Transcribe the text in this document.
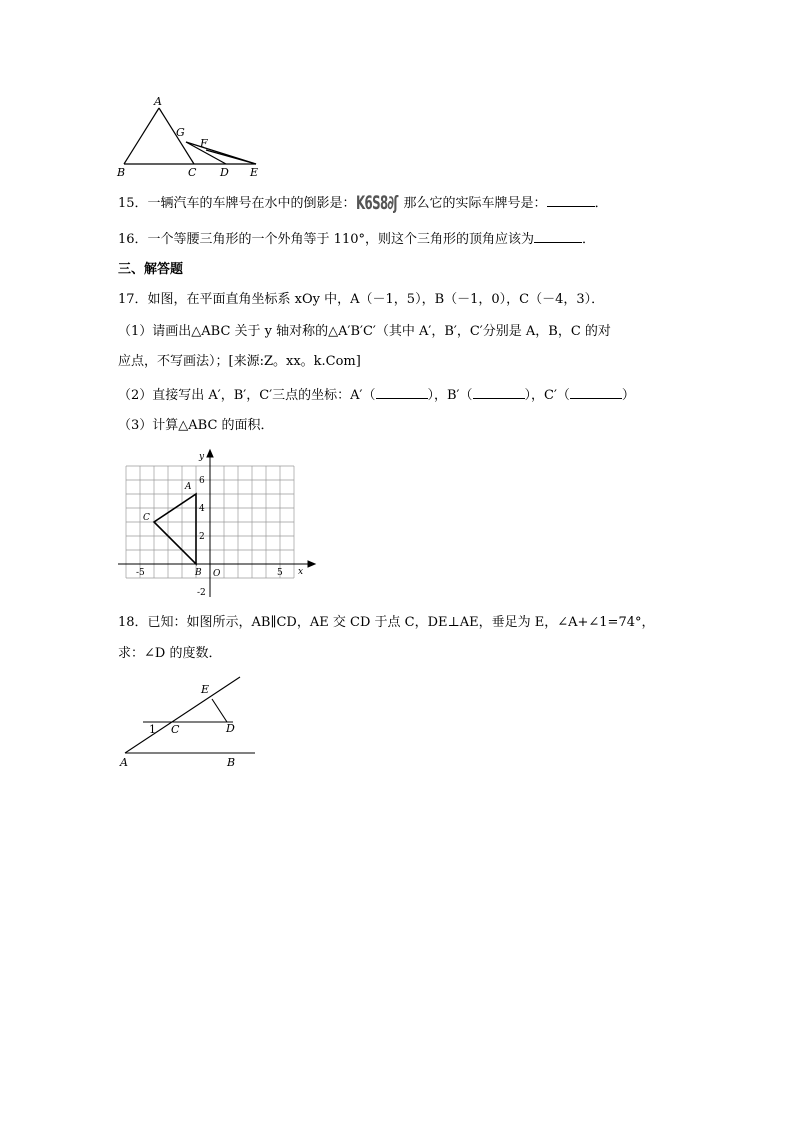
A
G
F
B	C D E
15．一辆汽车的车牌号在水中的倒影是：K6S8∂ʃ 那么它的实际车牌号是：	．
16．一个等腰三角形的一个外角等于 110°，则这个三角形的顶角应该为	．
三、解答题
17．如图，在平面直角坐标系 xOy 中，A（－1，5），B（－1，0），C（－4，3）．
（1）请画出△ABC 关于 y 轴对称的△A′B′C′（其中 A′，B′，C′分别是 A，B，C 的对
应点，不写画法）；[来源:Z。xx。k.Com]
（2）直接写出 A′，B′，C′三点的坐标：A′（	），B′（	），C′（	）
（3）计算△ABC 的面积．
y
x
6
4
2
-2
-5	5
O
A
B
C
18．已知：如图所示，AB∥CD，AE 交 CD 于点 C，DE⊥AE，垂足为 E，∠A+∠1=74°，
求：∠D 的度数．
E
D
C
1
A	B
